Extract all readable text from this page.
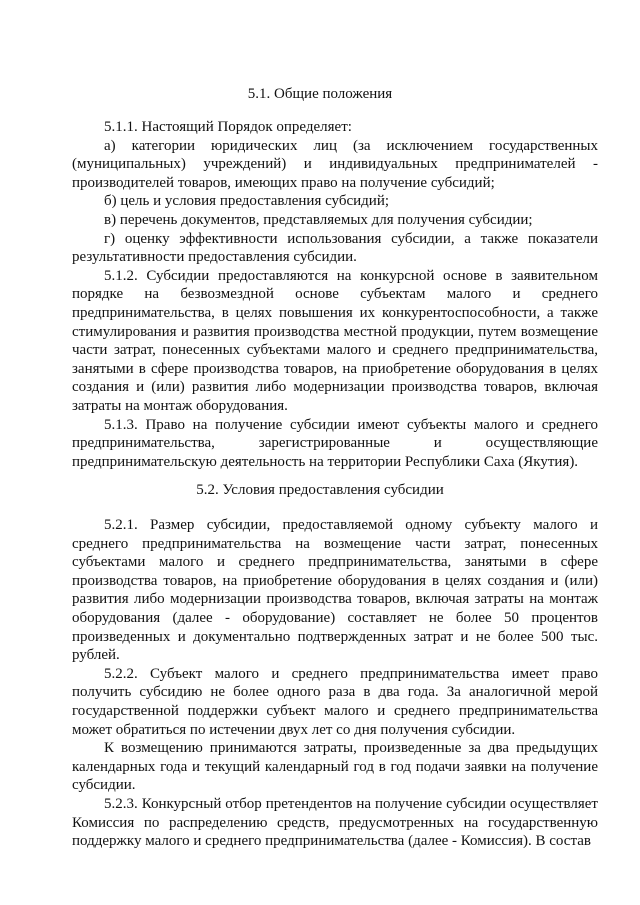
5.1. Общие положения

5.1.1. Настоящий Порядок определяет:

а) категории юридических лиц (за исключением государственных (муниципальных) учреждений) и индивидуальных предпринимателей - производителей товаров, имеющих право на получение субсидий;

б) цель и условия предоставления субсидий;

в) перечень документов, представляемых для получения субсидии;

г) оценку эффективности использования субсидии, а также показатели результативности предоставления субсидии.

5.1.2. Субсидии предоставляются на конкурсной основе в заявительном порядке на безвозмездной основе субъектам малого и среднего предпринимательства, в целях повышения их конкурентоспособности, а также стимулирования и развития производства местной продукции, путем возмещение части затрат, понесенных субъектами малого и среднего предпринимательства, занятыми в сфере производства товаров, на приобретение оборудования в целях создания и (или) развития либо модернизации производства товаров, включая затраты на монтаж оборудования.

5.1.3. Право на получение субсидии имеют субъекты малого и среднего предпринимательства, зарегистрированные и осуществляющие предпринимательскую деятельность на территории Республики Саха (Якутия).

5.2. Условия предоставления субсидии

5.2.1. Размер субсидии, предоставляемой одному субъекту малого и среднего предпринимательства на возмещение части затрат, понесенных субъектами малого и среднего предпринимательства, занятыми в сфере производства товаров, на приобретение оборудования в целях создания и (или) развития либо модернизации производства товаров, включая затраты на монтаж оборудования (далее - оборудование) составляет не более 50 процентов произведенных и документально подтвержденных затрат и не более 500 тыс. рублей.

5.2.2. Субъект малого и среднего предпринимательства имеет право получить субсидию не более одного раза в два года. За аналогичной мерой государственной поддержки субъект малого и среднего предпринимательства может обратиться по истечении двух лет со дня получения субсидии.

К возмещению принимаются затраты, произведенные за два предыдущих календарных года и текущий календарный год в год подачи заявки на получение субсидии.

5.2.3. Конкурсный отбор претендентов на получение субсидии осуществляет Комиссия по распределению средств, предусмотренных на государственную поддержку малого и среднего предпринимательства (далее - Комиссия). В состав
